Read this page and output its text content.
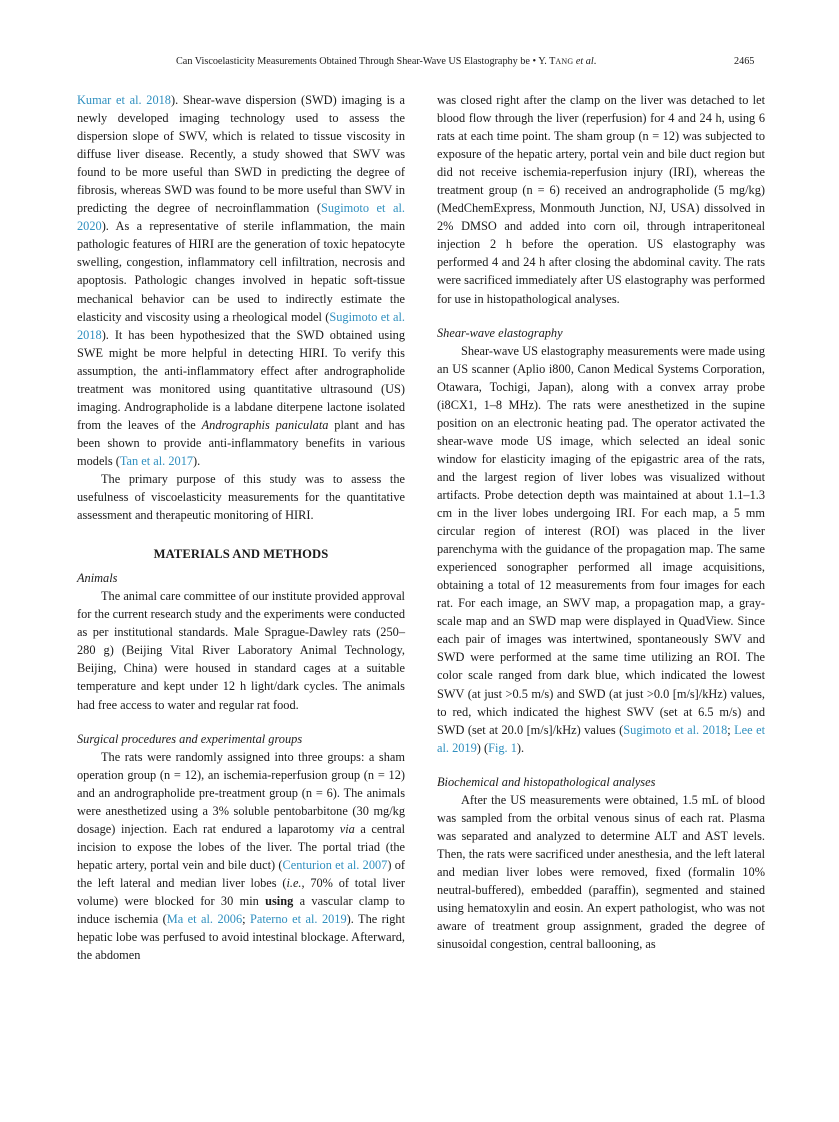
Can Viscoelasticity Measurements Obtained Through Shear-Wave US Elastography be • Y. TANG et al.	2465

Kumar et al. 2018). Shear-wave dispersion (SWD) imaging is a newly developed imaging technology used to assess the dispersion slope of SWV, which is related to tissue viscosity in diffuse liver disease. Recently, a study showed that SWV was found to be more useful than SWD in predicting the degree of fibrosis, whereas SWD was found to be more useful than SWV in predicting the degree of necroinflammation (Sugimoto et al. 2020). As a representative of sterile inflammation, the main pathologic features of HIRI are the generation of toxic hepatocyte swelling, congestion, inflammatory cell infiltration, necrosis and apoptosis. Pathologic changes involved in hepatic soft-tissue mechanical behavior can be used to indirectly estimate the elasticity and viscosity using a rheological model (Sugimoto et al. 2018). It has been hypothesized that the SWD obtained using SWE might be more helpful in detecting HIRI. To verify this assumption, the anti-inflammatory effect after andrographolide treatment was monitored using quantitative ultrasound (US) imaging. Andrographolide is a labdane diterpene lactone isolated from the leaves of the Andrographis paniculata plant and has been shown to provide anti-inflammatory benefits in various models (Tan et al. 2017).

The primary purpose of this study was to assess the usefulness of viscoelasticity measurements for the quantitative assessment and therapeutic monitoring of HIRI.

MATERIALS AND METHODS

Animals

The animal care committee of our institute provided approval for the current research study and the experiments were conducted as per institutional standards. Male Sprague-Dawley rats (250–280 g) (Beijing Vital River Laboratory Animal Technology, Beijing, China) were housed in standard cages at a suitable temperature and kept under 12 h light/dark cycles. The animals had free access to water and regular rat food.

Surgical procedures and experimental groups

The rats were randomly assigned into three groups: a sham operation group (n = 12), an ischemia-reperfusion group (n = 12) and an andrographolide pre-treatment group (n = 6). The animals were anesthetized using a 3% soluble pentobarbitone (30 mg/kg dosage) injection. Each rat endured a laparotomy via a central incision to expose the lobes of the liver. The portal triad (the hepatic artery, portal vein and bile duct) (Centurion et al. 2007) of the left lateral and median liver lobes (i.e., 70% of total liver volume) were blocked for 30 min using a vascular clamp to induce ischemia (Ma et al. 2006; Paterno et al. 2019). The right hepatic lobe was perfused to avoid intestinal blockage. Afterward, the abdomen

was closed right after the clamp on the liver was detached to let blood flow through the liver (reperfusion) for 4 and 24 h, using 6 rats at each time point. The sham group (n = 12) was subjected to exposure of the hepatic artery, portal vein and bile duct region but did not receive ischemia-reperfusion injury (IRI), whereas the treatment group (n = 6) received an andrographolide (5 mg/kg) (MedChemExpress, Monmouth Junction, NJ, USA) dissolved in 2% DMSO and added into corn oil, through intraperitoneal injection 2 h before the operation. US elastography was performed 4 and 24 h after closing the abdominal cavity. The rats were sacrificed immediately after US elastography was performed for use in histopathological analyses.

Shear-wave elastography

Shear-wave US elastography measurements were made using an US scanner (Aplio i800, Canon Medical Systems Corporation, Otawara, Tochigi, Japan), along with a convex array probe (i8CX1, 1–8 MHz). The rats were anesthetized in the supine position on an electronic heating pad. The operator activated the shear-wave mode US image, which selected an ideal sonic window for elasticity imaging of the epigastric area of the rats, and the largest region of liver lobes was visualized without artifacts. Probe detection depth was maintained at about 1.1–1.3 cm in the liver lobes undergoing IRI. For each map, a 5 mm circular region of interest (ROI) was placed in the liver parenchyma with the guidance of the propagation map. The same experienced sonographer performed all image acquisitions, obtaining a total of 12 measurements from four images for each rat. For each image, an SWV map, a propagation map, a gray-scale map and an SWD map were displayed in QuadView. Since each pair of images was intertwined, spontaneously SWV and SWD were performed at the same time utilizing an ROI. The color scale ranged from dark blue, which indicated the lowest SWV (at just >0.5 m/s) and SWD (at just >0.0 [m/s]/kHz) values, to red, which indicated the highest SWV (set at 6.5 m/s) and SWD (set at 20.0 [m/s]/kHz) values (Sugimoto et al. 2018; Lee et al. 2019) (Fig. 1).

Biochemical and histopathological analyses

After the US measurements were obtained, 1.5 mL of blood was sampled from the orbital venous sinus of each rat. Plasma was separated and analyzed to determine ALT and AST levels. Then, the rats were sacrificed under anesthesia, and the left lateral and median liver lobes were removed, fixed (formalin 10% neutral-buffered), embedded (paraffin), segmented and stained using hematoxylin and eosin. An expert pathologist, who was not aware of treatment group assignment, graded the degree of sinusoidal congestion, central ballooning, as
